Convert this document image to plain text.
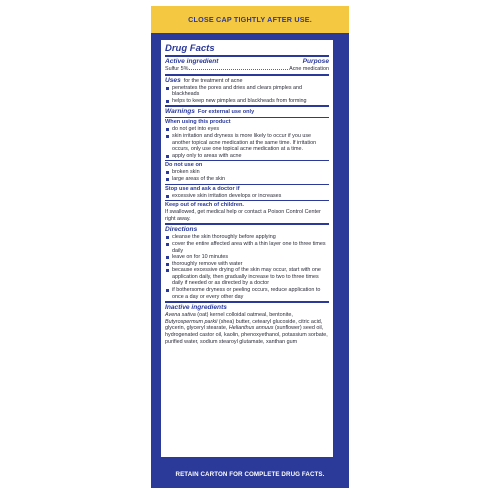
CLOSE CAP TIGHTLY AFTER USE.
Drug Facts
Active ingredient	Purpose
Sulfur 5%	Acne medication
Uses for the treatment of acne
penetrates the pores and dries and clears pimples and blackheads
helps to keep new pimples and blackheads from forming
Warnings For external use only
When using this product
do not get into eyes
skin irritation and dryness is more likely to occur if you use another topical acne medication at the same time. If irritation occurs, only use one topical acne medication at a time.
apply only to areas with acne
Do not use on
broken skin
large areas of the skin
Stop use and ask a doctor if
excessive skin irritation develops or increases
Keep out of reach of children.
If swallowed, get medical help or contact a Poison Control Center right away.
Directions
cleanse the skin thoroughly before applying
cover the entire affected area with a thin layer one to three times daily
leave on for 10 minutes
thoroughly remove with water
because excessive drying of the skin may occur, start with one application daily, then gradually increase to two to three times daily if needed or as directed by a doctor
if bothersome dryness or peeling occurs, reduce application to once a day or every other day
Inactive ingredients
Avena sativa (oat) kernel colloidal oatmeal, bentonite, Butyrospermum parkii (shea) butter, cetearyl glucoside, citric acid, glycerin, glyceryl stearate, Helianthus annuus (sunflower) seed oil, hydrogenated castor oil, kaolin, phenoxyethanol, potassium sorbate, purified water, sodium stearoyl glutamate, xanthan gum
RETAIN CARTON FOR COMPLETE DRUG FACTS.
